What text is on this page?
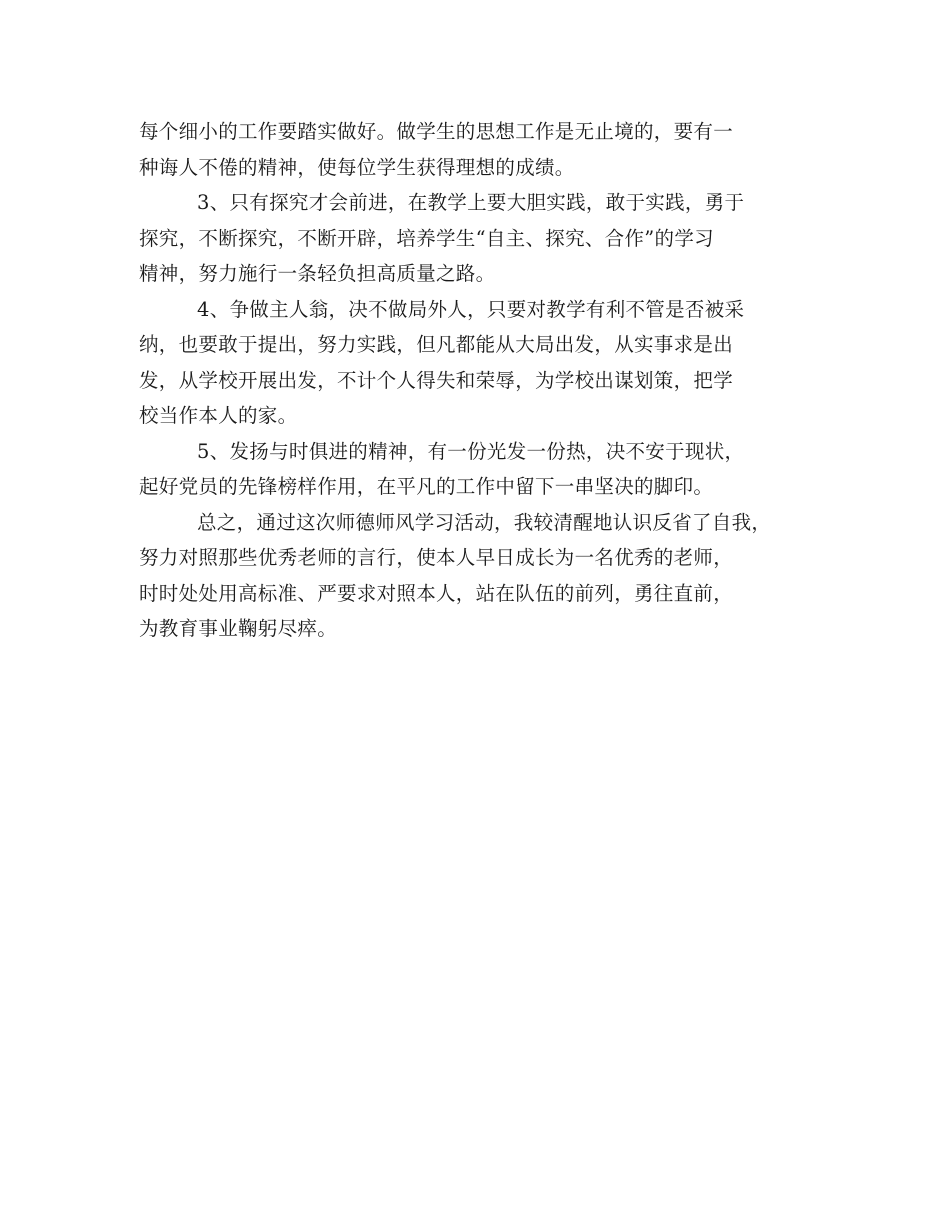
每个细小的工作要踏实做好。做学生的思想工作是无止境的，要有一
种诲人不倦的精神，使每位学生获得理想的成绩。
3、只有探究才会前进，在教学上要大胆实践，敢于实践，勇于
探究，不断探究，不断开辟，培养学生“自主、探究、合作”的学习
精神，努力施行一条轻负担高质量之路。
4、争做主人翁，决不做局外人，只要对教学有利不管是否被采
纳，也要敢于提出，努力实践，但凡都能从大局出发，从实事求是出
发，从学校开展出发，不计个人得失和荣辱，为学校出谋划策，把学
校当作本人的家。
5、发扬与时俱进的精神，有一份光发一份热，决不安于现状，
起好党员的先锋榜样作用，在平凡的工作中留下一串坚决的脚印。
总之，通过这次师德师风学习活动，我较清醒地认识反省了自我，
努力对照那些优秀老师的言行，使本人早日成长为一名优秀的老师，
时时处处用高标准、严要求对照本人，站在队伍的前列，勇往直前，
为教育事业鞠躬尽瘁。
